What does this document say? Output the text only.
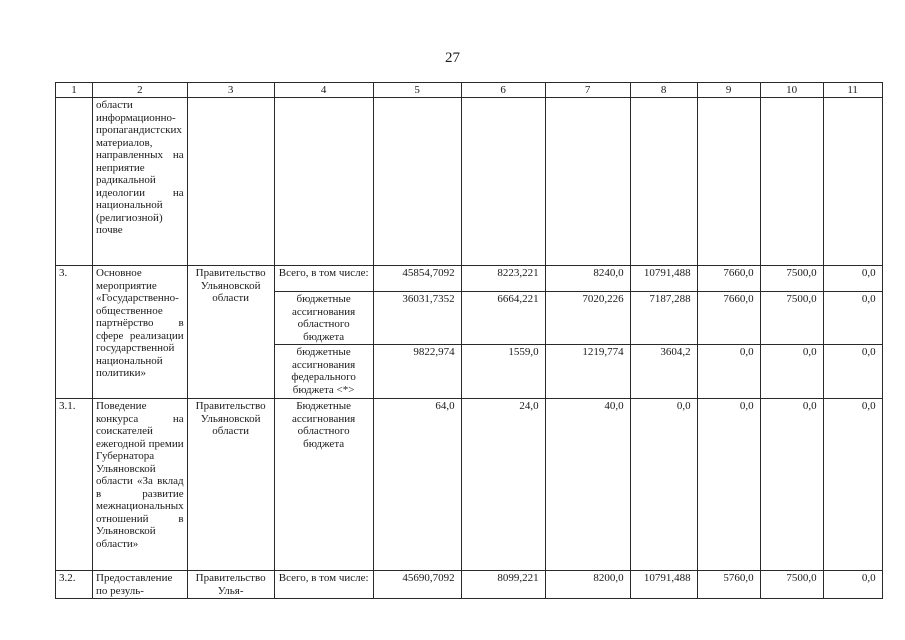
27
1	2	3	4	5	6	7	8	9	10	11
	области информационно-пропагандистских материалов, направленных на неприятие радикальной идеологии на национальной (религиозной) почве									
3.	Основное мероприятие «Государственно-общественное партнёрство в сфере реализации государственной национальной политики»	Правительство Ульяновской области	Всего, в том числе:	45854,7092	8223,221	8240,0	10791,488	7660,0	7500,0	0,0
			бюджетные ассигнования областного бюджета	36031,7352	6664,221	7020,226	7187,288	7660,0	7500,0	0,0
			бюджетные ассигнования федерального бюджета <*>	9822,974	1559,0	1219,774	3604,2	0,0	0,0	0,0
3.1.	Поведение конкурса на соискателей ежегодной премии Губернатора Ульяновской области «За вклад в развитие межнациональных отношений в Ульяновской области»	Правительство Ульяновской области	Бюджетные ассигнования областного бюджета	64,0	24,0	40,0	0,0	0,0	0,0	0,0
3.2.	Предоставление по резуль-	Правительство Улья-	Всего, в том числе:	45690,7092	8099,221	8200,0	10791,488	5760,0	7500,0	0,0
